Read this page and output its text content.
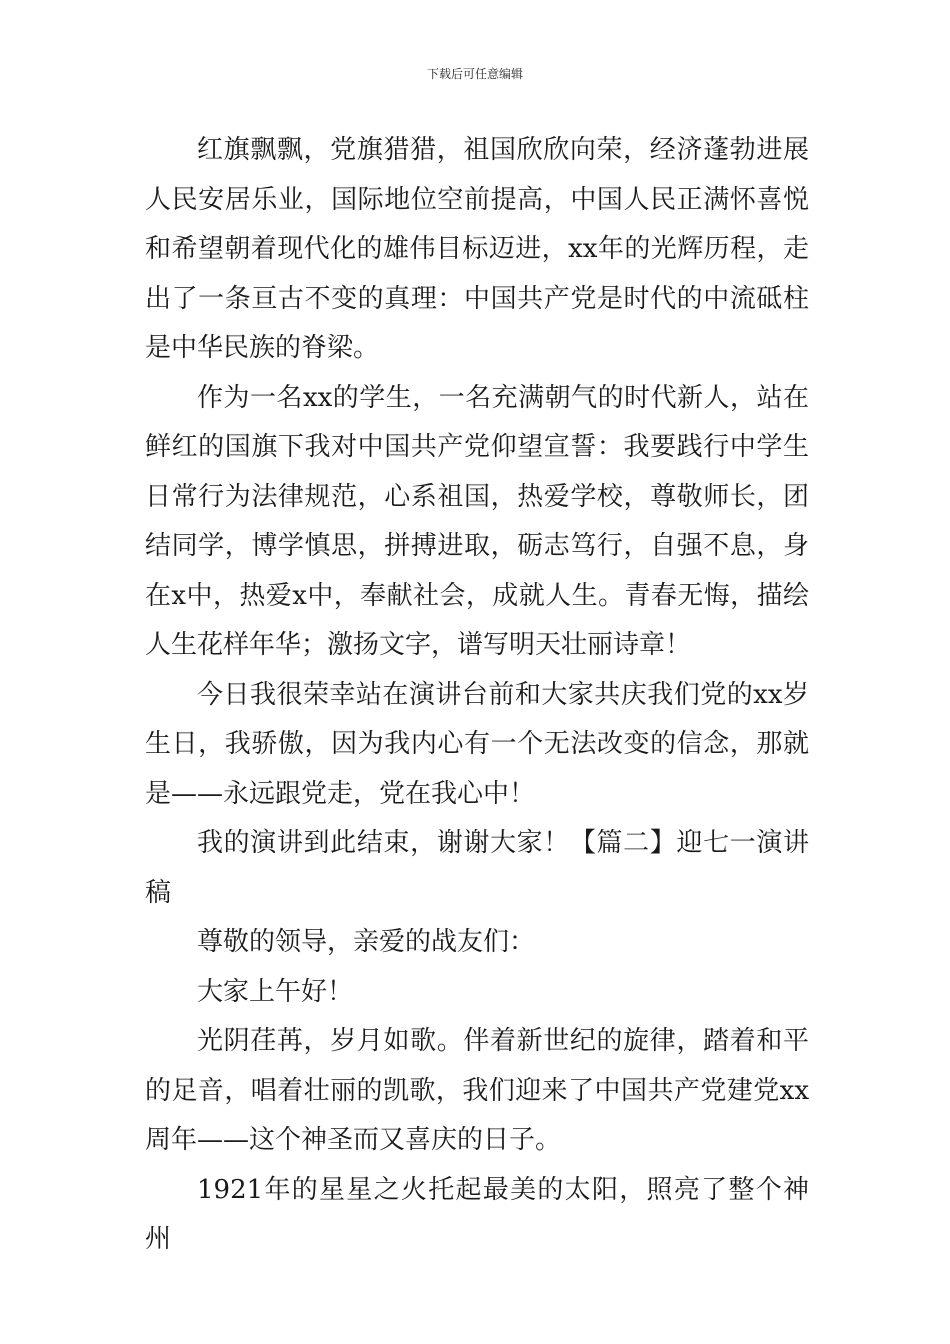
下载后可任意编辑

红旗飘飘，党旗猎猎，祖国欣欣向荣，经济蓬勃进展人民安居乐业，国际地位空前提高，中国人民正满怀喜悦和希望朝着现代化的雄伟目标迈进，xx年的光辉历程，走出了一条亘古不变的真理：中国共产党是时代的中流砥柱是中华民族的脊梁。

作为一名xx的学生，一名充满朝气的时代新人，站在鲜红的国旗下我对中国共产党仰望宣誓：我要践行中学生日常行为法律规范，心系祖国，热爱学校，尊敬师长，团结同学，博学慎思，拼搏进取，砺志笃行，自强不息，身在x中，热爱x中，奉献社会，成就人生。青春无悔，描绘人生花样年华；激扬文字，谱写明天壮丽诗章！

今日我很荣幸站在演讲台前和大家共庆我们党的xx岁生日，我骄傲，因为我内心有一个无法改变的信念，那就是——永远跟党走，党在我心中！

我的演讲到此结束，谢谢大家！【篇二】迎七一演讲稿

尊敬的领导，亲爱的战友们：

大家上午好！

光阴荏苒，岁月如歌。伴着新世纪的旋律，踏着和平的足音，唱着壮丽的凯歌，我们迎来了中国共产党建党xx周年——这个神圣而又喜庆的日子。

1921年的星星之火托起最美的太阳，照亮了整个神州
